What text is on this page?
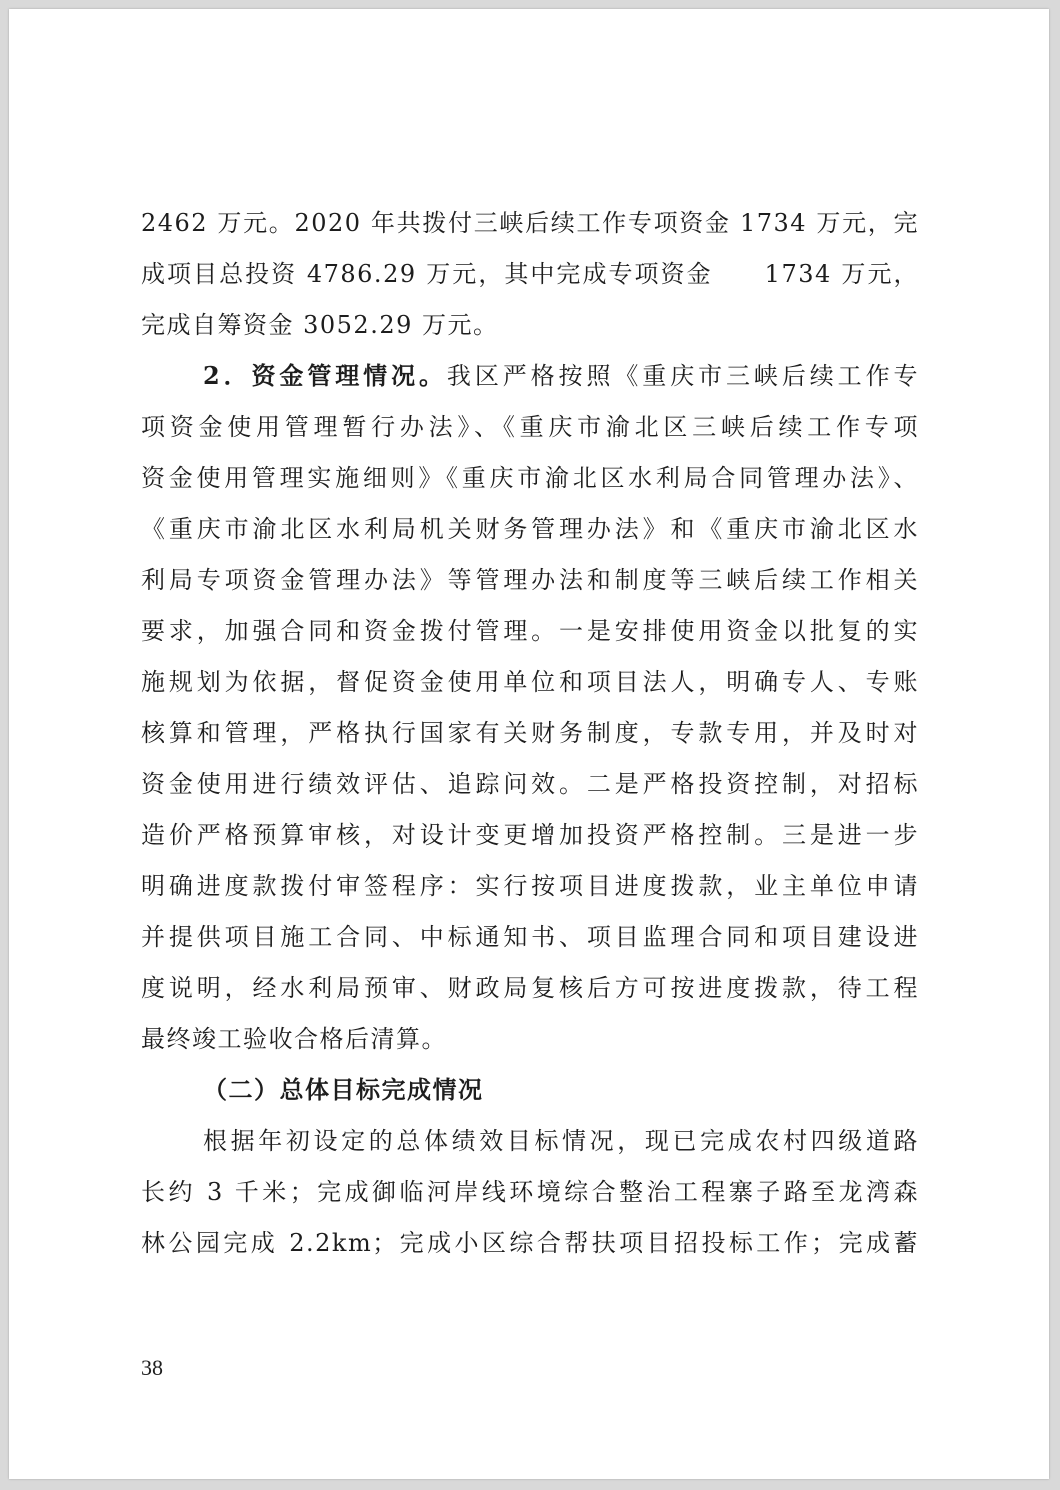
2462 万元。2020 年共拨付三峡后续工作专项资金 1734 万元，完
成项目总投资 4786.29 万元，其中完成专项资金　　1734 万元，
完成自筹资金 3052.29 万元。
2．资金管理情况。我区严格按照《重庆市三峡后续工作专
项资金使用管理暂行办法》、《重庆市渝北区三峡后续工作专项
资金使用管理实施细则》《重庆市渝北区水利局合同管理办法》、
《重庆市渝北区水利局机关财务管理办法》和《重庆市渝北区水
利局专项资金管理办法》等管理办法和制度等三峡后续工作相关
要求，加强合同和资金拨付管理。一是安排使用资金以批复的实
施规划为依据，督促资金使用单位和项目法人，明确专人、专账
核算和管理，严格执行国家有关财务制度，专款专用，并及时对
资金使用进行绩效评估、追踪问效。二是严格投资控制，对招标
造价严格预算审核，对设计变更增加投资严格控制。三是进一步
明确进度款拨付审签程序：实行按项目进度拨款，业主单位申请
并提供项目施工合同、中标通知书、项目监理合同和项目建设进
度说明，经水利局预审、财政局复核后方可按进度拨款，待工程
最终竣工验收合格后清算。
（二）总体目标完成情况
根据年初设定的总体绩效目标情况，现已完成农村四级道路
长约 3 千米；完成御临河岸线环境综合整治工程寨子路至龙湾森
林公园完成 2.2km；完成小区综合帮扶项目招投标工作；完成蓄
38
